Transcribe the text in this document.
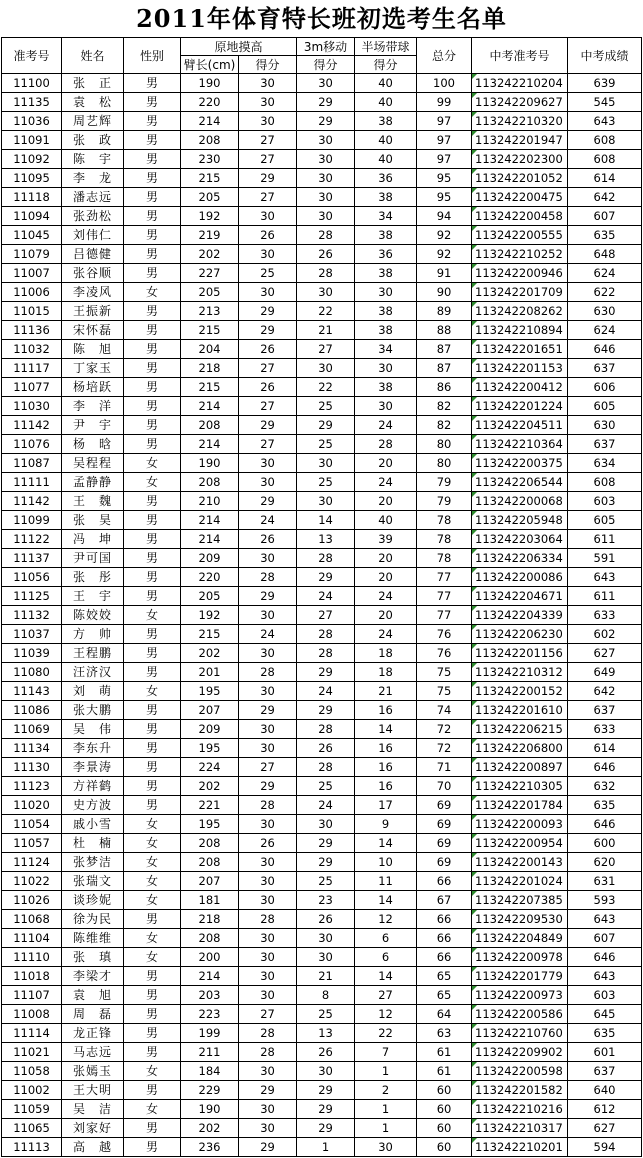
2011年体育特长班初选考生名单
准考号	姓名	性别	原地摸高		3m移动	半场带球	总分	中考准考号	中考成绩
			臂长(cm)	得分	得分	得分			
11100	张　正	男	190	30	30	40	100	113242210204	639
11135	袁　松	男	220	30	29	40	99	113242209627	545
11036	周艺辉	男	214	30	29	38	97	113242210320	643
11091	张　政	男	208	27	30	40	97	113242201947	608
11092	陈　宇	男	230	27	30	40	97	113242202300	608
11095	李　龙	男	215	29	30	36	95	113242201052	614
11118	潘志远	男	205	27	30	38	95	113242200475	642
11094	张劲松	男	192	30	30	34	94	113242200458	607
11045	刘伟仁	男	219	26	28	38	92	113242200555	635
11079	吕德健	男	202	30	26	36	92	113242210252	648
11007	张谷顺	男	227	25	28	38	91	113242200946	624
11006	李凌风	女	205	30	30	30	90	113242201709	622
11015	王振新	男	213	29	22	38	89	113242208262	630
11136	宋怀磊	男	215	29	21	38	88	113242210894	624
11032	陈　旭	男	204	26	27	34	87	113242201651	646
11117	丁家玉	男	218	27	30	30	87	113242201153	637
11077	杨培跃	男	215	26	22	38	86	113242200412	606
11030	李　洋	男	214	27	25	30	82	113242201224	605
11142	尹　宇	男	208	29	29	24	82	113242204511	630
11076	杨　晗	男	214	27	25	28	80	113242210364	637
11087	吴程程	女	190	30	30	20	80	113242200375	634
11111	孟静静	女	208	30	25	24	79	113242206544	608
11142	王　魏	男	210	29	30	20	79	113242200068	603
11099	张　昊	男	214	24	14	40	78	113242205948	605
11122	冯　坤	男	214	26	13	39	78	113242203064	611
11137	尹可国	男	209	30	28	20	78	113242206334	591
11056	张　彤	男	220	28	29	20	77	113242200086	643
11125	王　宇	男	205	29	24	24	77	113242204671	611
11132	陈姣姣	女	192	30	27	20	77	113242204339	633
11037	方　帅	男	215	24	28	24	76	113242206230	602
11039	王程鹏	男	202	30	28	18	76	113242201156	627
11080	汪济汉	男	201	28	29	18	75	113242210312	649
11143	刘　萌	女	195	30	24	21	75	113242200152	642
11086	张大鹏	男	207	29	29	16	74	113242201610	637
11069	吴　伟	男	209	30	28	14	72	113242206215	633
11134	李东升	男	195	30	26	16	72	113242206800	614
11130	李景涛	男	224	27	28	16	71	113242200897	646
11123	方祥鹤	男	202	29	25	16	70	113242210305	632
11020	史方波	男	221	28	24	17	69	113242201784	635
11054	戚小雪	女	195	30	30	9	69	113242200093	646
11057	杜　楠	女	208	26	29	14	69	113242200954	600
11124	张梦洁	女	208	30	29	10	69	113242200143	620
11022	张瑞文	女	207	30	25	11	66	113242201024	631
11026	谈珍妮	女	181	30	23	14	67	113242207385	593
11068	徐为民	男	218	28	26	12	66	113242209530	643
11104	陈维维	女	208	30	30	6	66	113242204849	607
11110	张　瑱	女	200	30	30	6	66	113242200978	646
11018	李梁才	男	214	30	21	14	65	113242201779	643
11107	袁　旭	男	203	30	8	27	65	113242200973	603
11008	周　磊	男	223	27	25	12	64	113242200586	645
11114	龙正锋	男	199	28	13	22	63	113242210760	635
11021	马志远	男	211	28	26	7	61	113242209902	601
11058	张嫣玉	女	184	30	30	1	61	113242200598	637
11002	王大明	男	229	29	29	2	60	113242201582	640
11059	吴　洁	女	190	30	29	1	60	113242210216	612
11065	刘家好	男	202	30	29	1	60	113242210317	627
11113	高　越	男	236	29	1	30	60	113242210201	594
